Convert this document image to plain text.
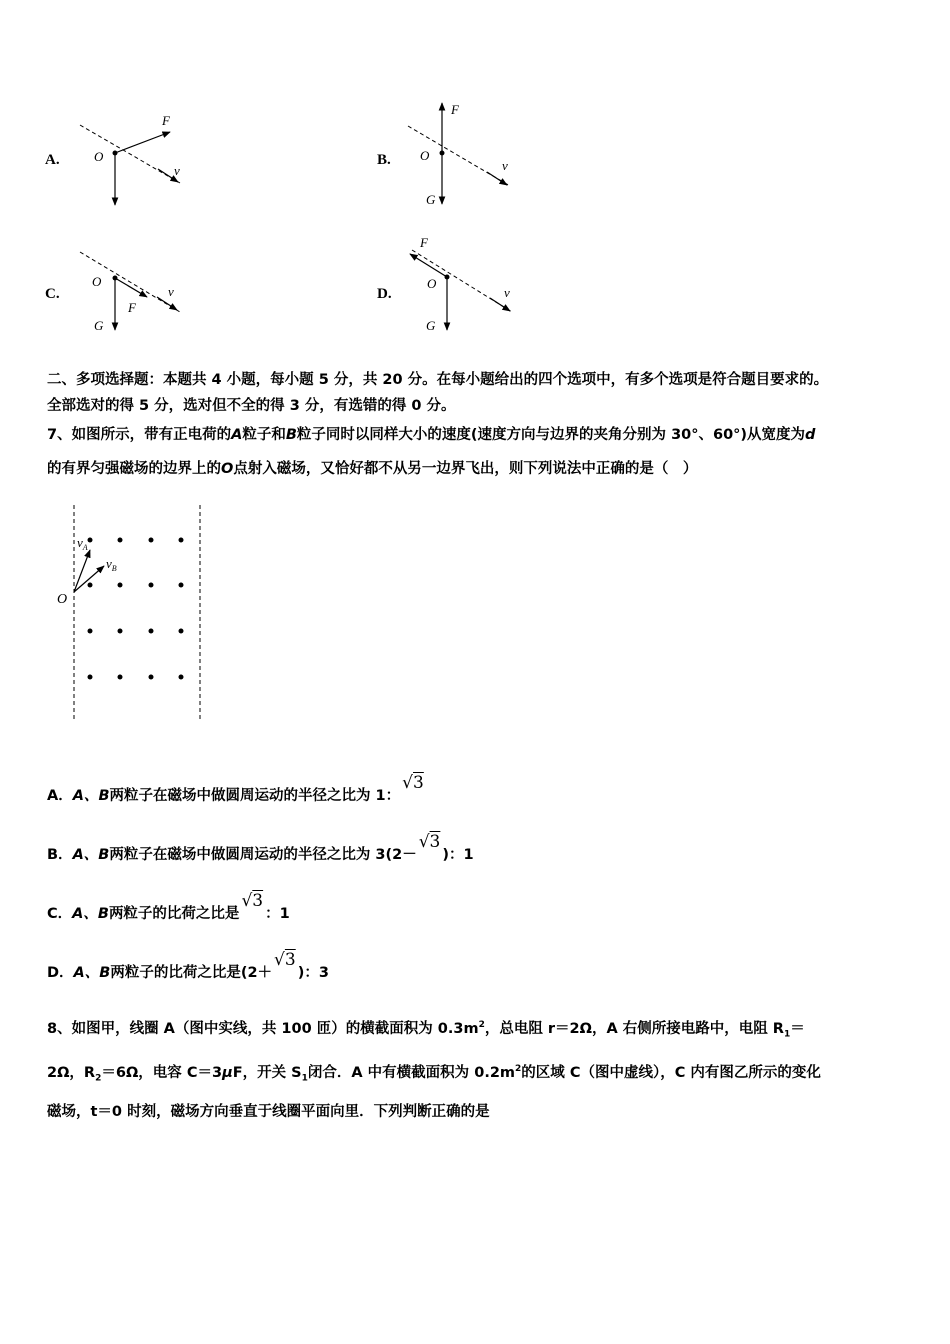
A.	O
F
v
B. O
F
v
G
C.
O
F
v
G
D.
O
F
v
G
二、多项选择题：本题共 4 小题，每小题 5 分，共 20 分。在每小题给出的四个选项中，有多个选项是符合题目要求的。
全部选对的得 5 分，选对但不全的得 3 分，有选错的得 0 分。
7、如图所示，带有正电荷的A粒子和B粒子同时以同样大小的速度(速度方向与边界的夹角分别为 30°、60°)从宽度为d
的有界匀强磁场的边界上的O点射入磁场，又恰好都不从另一边界飞出，则下列说法中正确的是（　）
O
$v_A$
$v_B$
A． A、B 两粒子在磁场中做圆周运动的半径之比为 1：
√3
B． A、B 两粒子在磁场中做圆周运动的半径之比为 3(2－
√3
)：1
C． A、B 两粒子的比荷之比是
√3
：1
D． A、B 两粒子的比荷之比是(2＋
√3
)：3
8、如图甲，线圈 A（图中实线，共 100 匝）的横截面积为 $0.3m^2$，总电阻 r＝2Ω，A 右侧所接电路中，电阻 $R_1=$
2Ω，$R_2=6\Omega$，电容 C＝3μF，开关 $S_1$闭合．A 中有横截面积为 $0.2m^2$的区域 C（图中虚线），C 内有图乙所示的变化
磁场，t＝0 时刻，磁场方向垂直于线圈平面向里．下列判断正确的是
